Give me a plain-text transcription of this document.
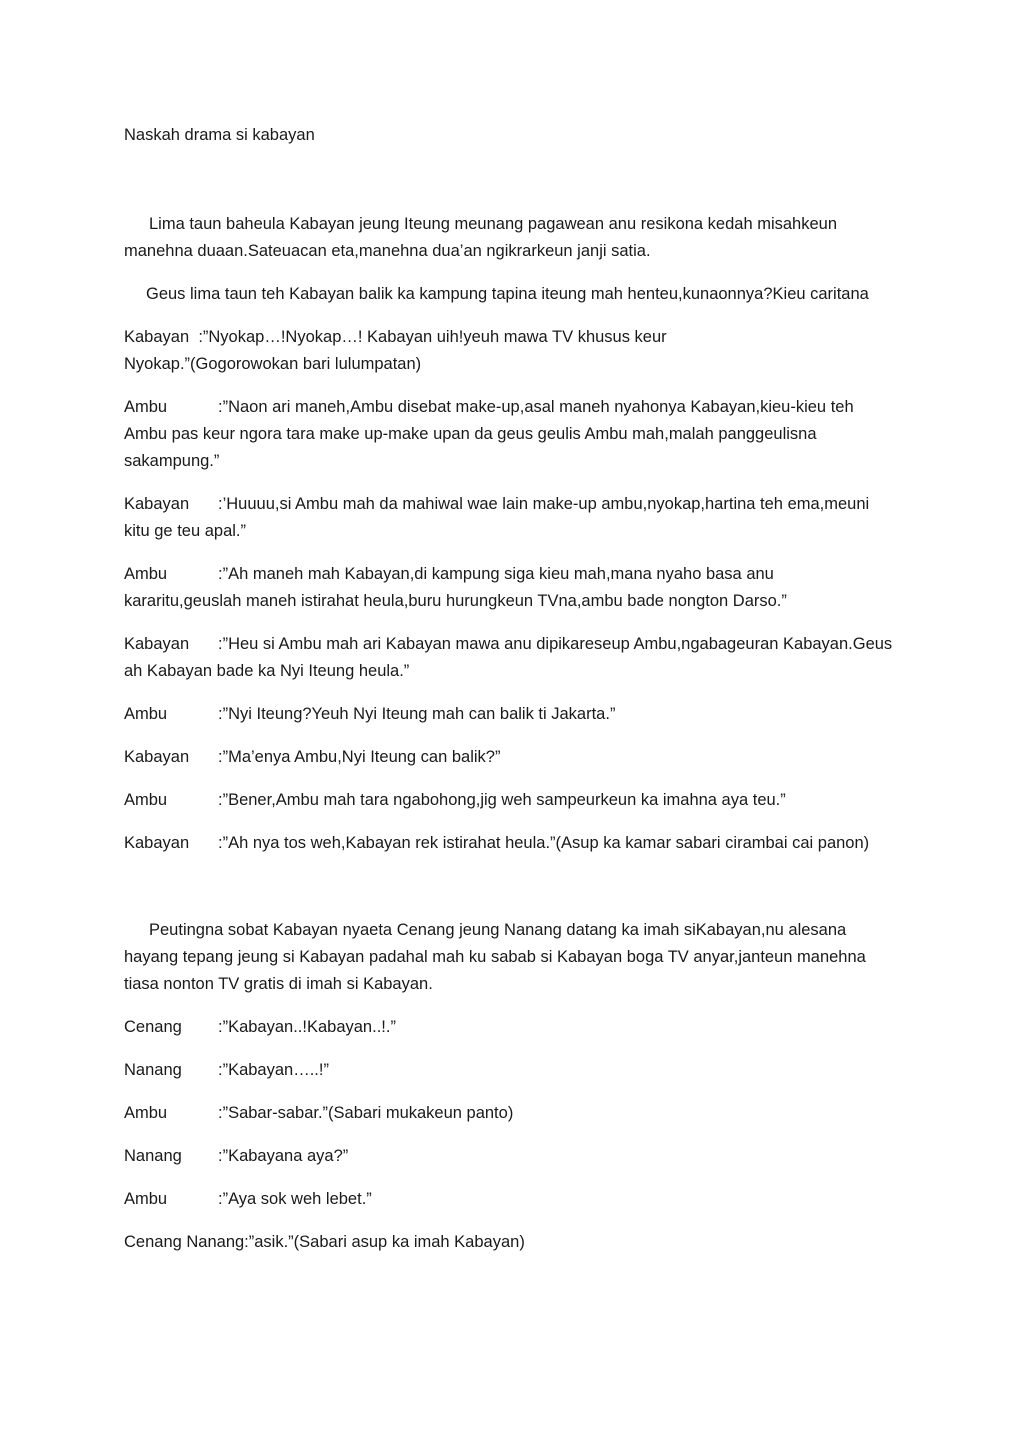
Naskah drama si kabayan

Lima taun baheula Kabayan jeung Iteung meunang pagawean anu resikona kedah misahkeun manehna duaan.Sateuacan eta,manehna dua’an ngikrarkeun janji satia.

Geus lima taun teh Kabayan balik ka kampung tapina iteung mah henteu,kunaonnya?Kieu caritana

Kabayan :”Nyokap…!Nyokap…! Kabayan uih!yeuh mawa TV khusus keur
Nyokap.”(Gogorowokan bari lulumpatan)

Ambu	:”Naon ari maneh,Ambu disebat make-up,asal maneh nyahonya Kabayan,kieu-kieu teh Ambu pas keur ngora tara make up-make upan da geus geulis Ambu mah,malah panggeulisna sakampung.”

Kabayan :’Huuuu,si Ambu mah da mahiwal wae lain make-up ambu,nyokap,hartina teh ema,meuni kitu ge teu apal.”

Ambu	:”Ah maneh mah Kabayan,di kampung siga kieu mah,mana nyaho basa anu kararitu,geuslah maneh istirahat heula,buru hurungkeun TVna,ambu bade nongton Darso.”

Kabayan :”Heu si Ambu mah ari Kabayan mawa anu dipikareseup Ambu,ngabageuran Kabayan.Geus ah Kabayan bade ka Nyi Iteung heula.”

Ambu	:”Nyi Iteung?Yeuh Nyi Iteung mah can balik ti Jakarta.”

Kabayan :”Ma’enya Ambu,Nyi Iteung can balik?”

Ambu	:”Bener,Ambu mah tara ngabohong,jig weh sampeurkeun ka imahna aya teu.”

Kabayan :”Ah nya tos weh,Kabayan rek istirahat heula.”(Asup ka kamar sabari cirambai cai panon)

Peutingna sobat Kabayan nyaeta Cenang jeung Nanang datang ka imah siKabayan,nu alesana hayang tepang jeung si Kabayan padahal mah ku sabab si Kabayan boga TV anyar,janteun manehna tiasa nonton TV gratis di imah si Kabayan.

Cenang :”Kabayan..!Kabayan..!.”

Nanang :”Kabayan…..!”

Ambu	:”Sabar-sabar.”(Sabari mukakeun panto)

Nanang :”Kabayana aya?”

Ambu	:”Aya sok weh lebet.”

Cenang Nanang:”asik.”(Sabari asup ka imah Kabayan)
